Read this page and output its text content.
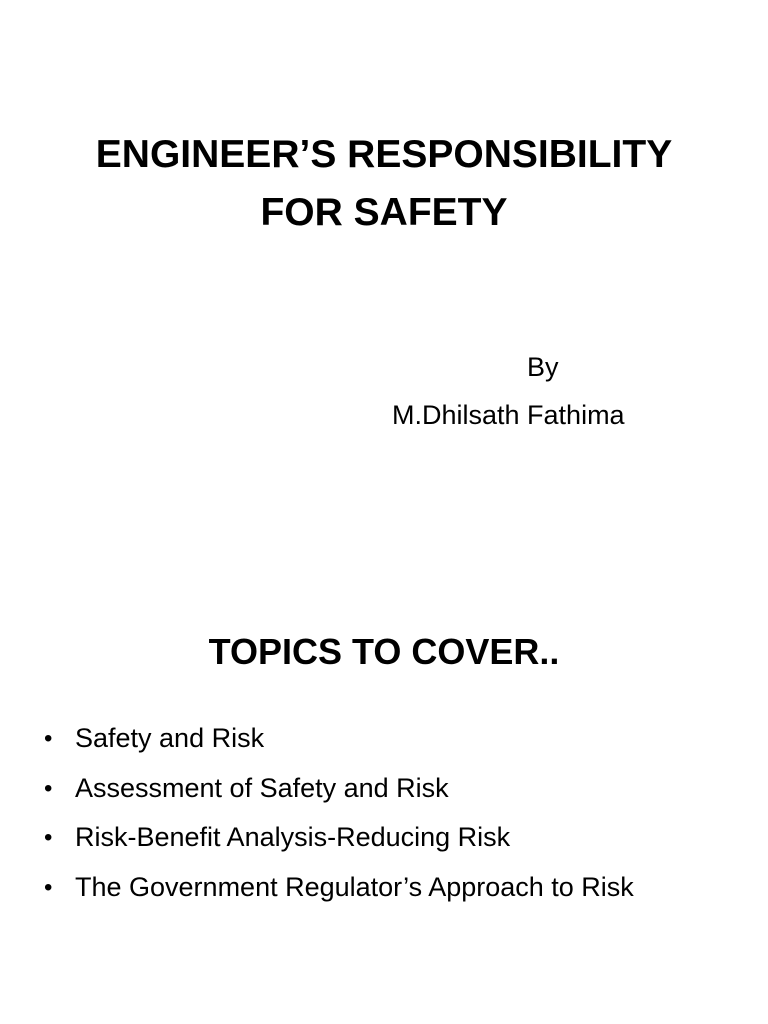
ENGINEER’S RESPONSIBILITY
FOR SAFETY
By
M.Dhilsath Fathima
TOPICS TO COVER..
• Safety and Risk
• Assessment of Safety and Risk
• Risk-Benefit Analysis-Reducing Risk
• The Government Regulator’s Approach to Risk
